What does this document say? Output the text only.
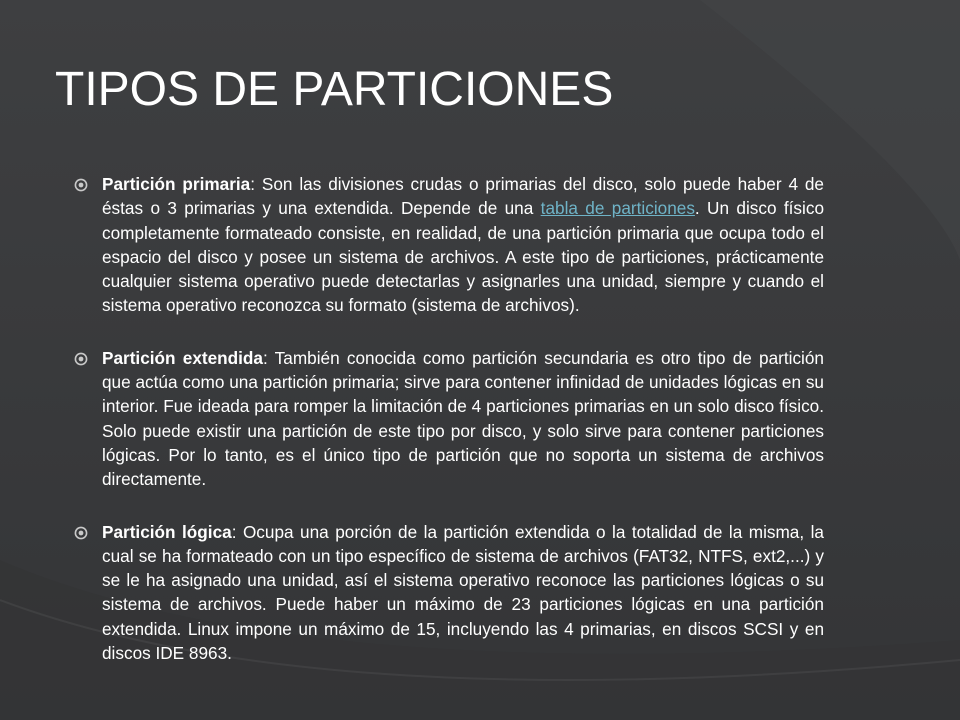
TIPOS DE PARTICIONES
Partición primaria: Son las divisiones crudas o primarias del disco, solo puede haber 4 de éstas o 3 primarias y una extendida. Depende de una tabla de particiones. Un disco físico completamente formateado consiste, en realidad, de una partición primaria que ocupa todo el espacio del disco y posee un sistema de archivos. A este tipo de particiones, prácticamente cualquier sistema operativo puede detectarlas y asignarles una unidad, siempre y cuando el sistema operativo reconozca su formato (sistema de archivos).
Partición extendida: También conocida como partición secundaria es otro tipo de partición que actúa como una partición primaria; sirve para contener infinidad de unidades lógicas en su interior. Fue ideada para romper la limitación de 4 particiones primarias en un solo disco físico. Solo puede existir una partición de este tipo por disco, y solo sirve para contener particiones lógicas. Por lo tanto, es el único tipo de partición que no soporta un sistema de archivos directamente.
Partición lógica: Ocupa una porción de la partición extendida o la totalidad de la misma, la cual se ha formateado con un tipo específico de sistema de archivos (FAT32, NTFS, ext2,...) y se le ha asignado una unidad, así el sistema operativo reconoce las particiones lógicas o su sistema de archivos. Puede haber un máximo de 23 particiones lógicas en una partición extendida. Linux impone un máximo de 15, incluyendo las 4 primarias, en discos SCSI y en discos IDE 8963.
